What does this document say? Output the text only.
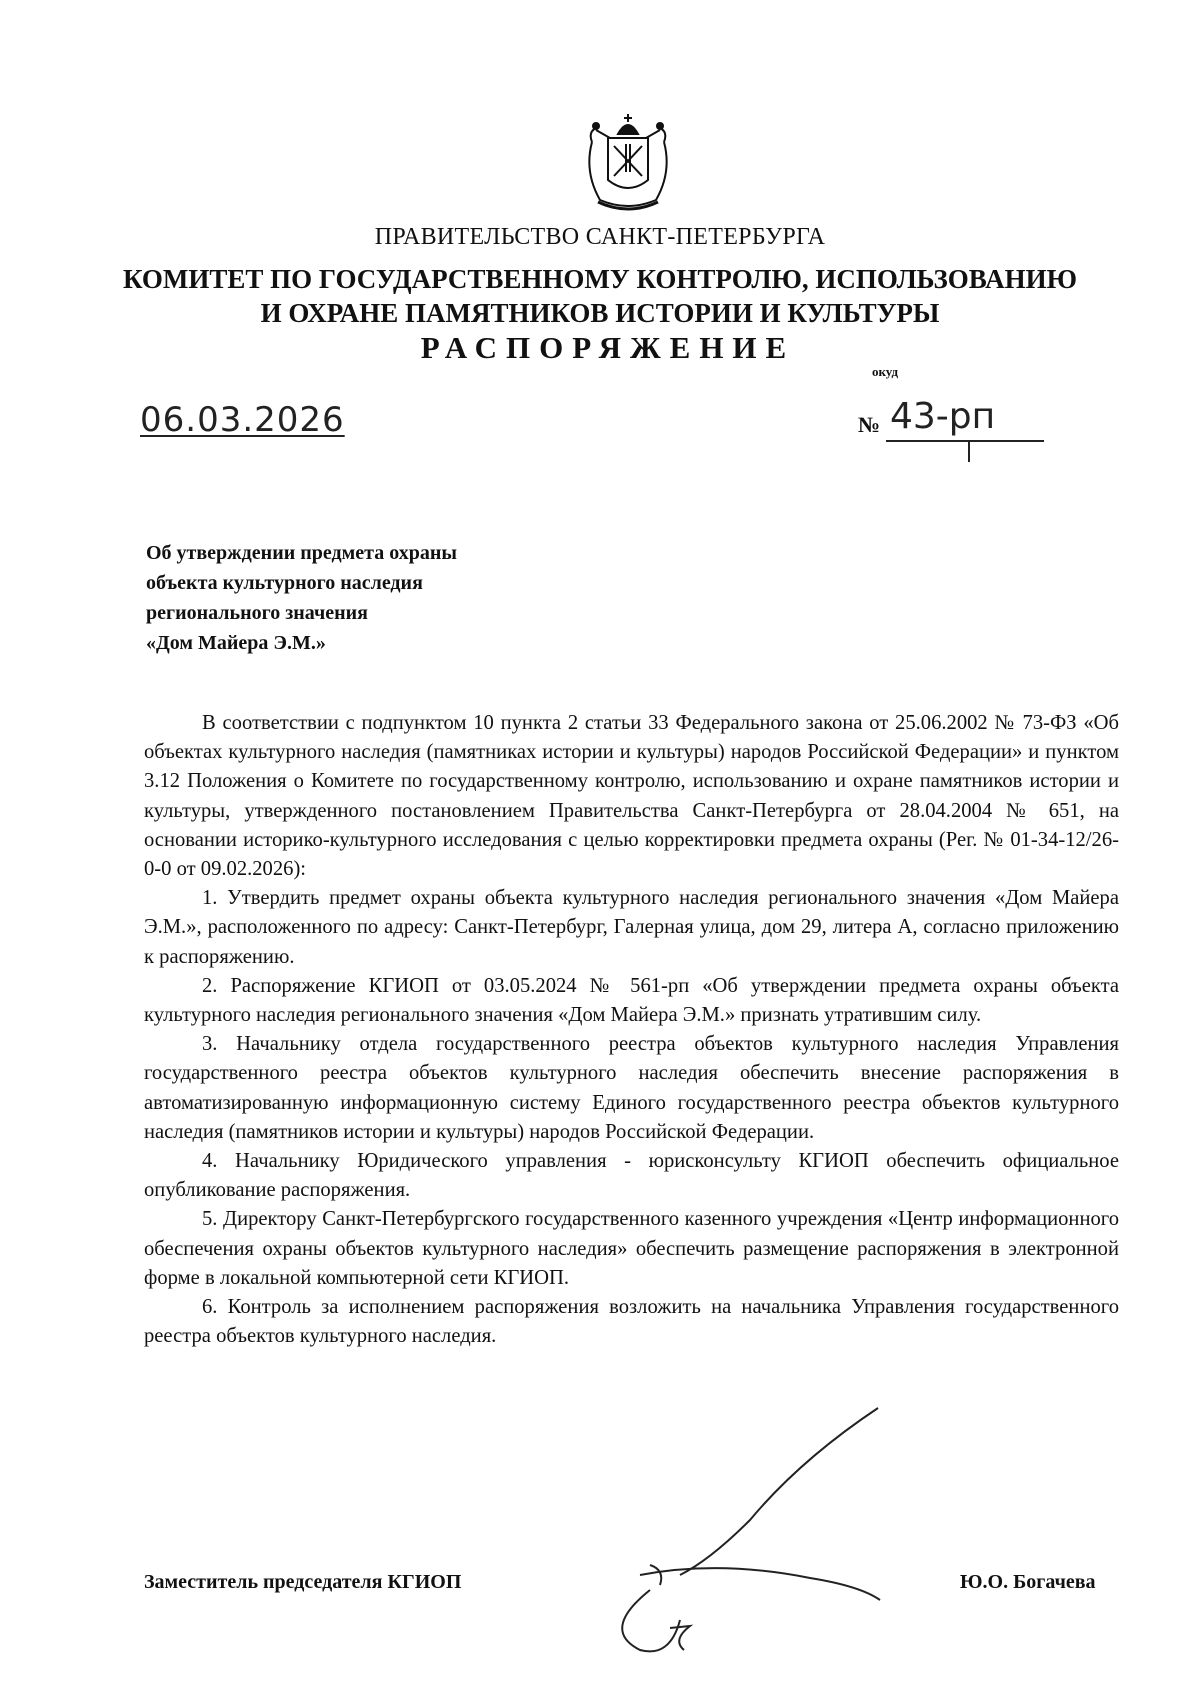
ПРАВИТЕЛЬСТВО САНКТ-ПЕТЕРБУРГА
КОМИТЕТ ПО ГОСУДАРСТВЕННОМУ КОНТРОЛЮ, ИСПОЛЬЗОВАНИЮ
И ОХРАНЕ ПАМЯТНИКОВ ИСТОРИИ И КУЛЬТУРЫ
РАСПОРЯЖЕНИЕ
окуд
06.03.2026	№ 43-рп
Об утверждении предмета охраны
объекта культурного наследия
регионального значения
«Дом Майера Э.М.»

В соответствии с подпунктом 10 пункта 2 статьи 33 Федерального закона от 25.06.2002 № 73-ФЗ «Об объектах культурного наследия (памятниках истории и культуры) народов Российской Федерации» и пунктом 3.12 Положения о Комитете по государственному контролю, использованию и охране памятников истории и культуры, утвержденного постановлением Правительства Санкт-Петербурга от 28.04.2004 № 651, на основании историко-культурного исследования с целью корректировки предмета охраны (Рег. № 01-34-12/26-0-0 от 09.02.2026):

1. Утвердить предмет охраны объекта культурного наследия регионального значения «Дом Майера Э.М.», расположенного по адресу: Санкт-Петербург, Галерная улица, дом 29, литера А, согласно приложению к распоряжению.

2. Распоряжение КГИОП от 03.05.2024 № 561-рп «Об утверждении предмета охраны объекта культурного наследия регионального значения «Дом Майера Э.М.» признать утратившим силу.

3. Начальнику отдела государственного реестра объектов культурного наследия Управления государственного реестра объектов культурного наследия обеспечить внесение распоряжения в автоматизированную информационную систему Единого государственного реестра объектов культурного наследия (памятников истории и культуры) народов Российской Федерации.

4. Начальнику Юридического управления - юрисконсульту КГИОП обеспечить официальное опубликование распоряжения.

5. Директору Санкт-Петербургского государственного казенного учреждения «Центр информационного обеспечения охраны объектов культурного наследия» обеспечить размещение распоряжения в электронной форме в локальной компьютерной сети КГИОП.

6. Контроль за исполнением распоряжения возложить на начальника Управления государственного реестра объектов культурного наследия.

Заместитель председателя КГИОП	Ю.О. Богачева
